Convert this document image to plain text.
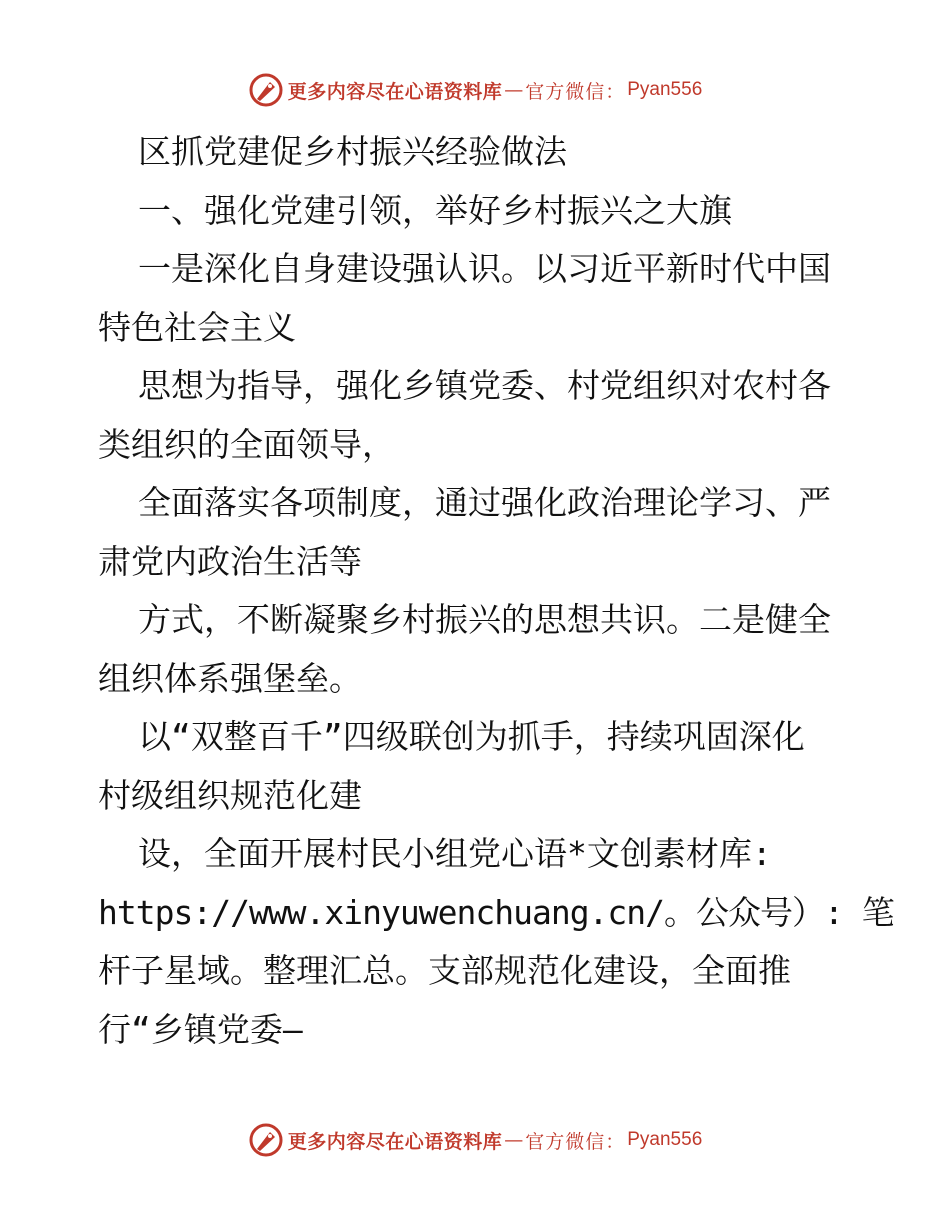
更多内容尽在心语资料库 — 官方微信： Pyan556
区抓党建促乡村振兴经验做法
一、强化党建引领，举好乡村振兴之大旗
一是深化自身建设强认识。以习近平新时代中国
特色社会主义
思想为指导，强化乡镇党委、村党组织对农村各
类组织的全面领导，
全面落实各项制度，通过强化政治理论学习、严
肃党内政治生活等
方式，不断凝聚乡村振兴的思想共识。二是健全
组织体系强堡垒。
以“双整百千”四级联创为抓手，持续巩固深化
村级组织规范化建
设，全面开展村民小组党心语*文创素材库:
https://www.xinyuwenchuang.cn/。公众号）: 笔
杆子星域。整理汇总。支部规范化建设，全面推
行“乡镇党委—
更多内容尽在心语资料库 — 官方微信： Pyan556
